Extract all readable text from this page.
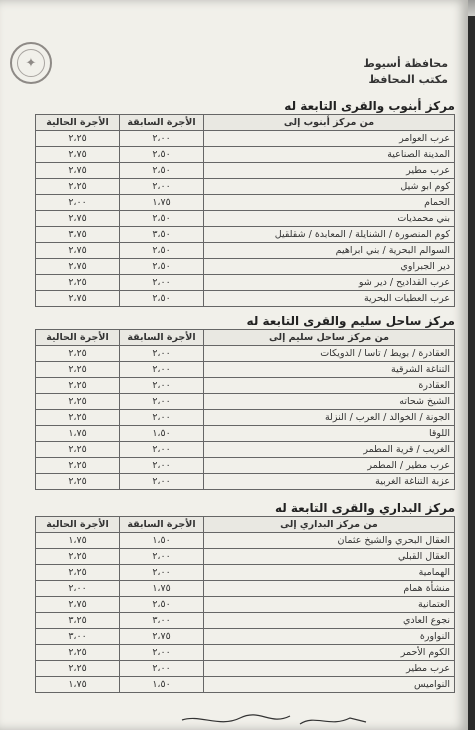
✦	محافظة أسيوط
مكتب المحافظ
مركز أبنوب والقرى التابعة له
من مركز أبنوب إلى	الأجرة السابقة	الأجرة الحالية
عرب العوامر	٢،٠٠	٢،٢٥
المدينة الصناعية	٢،٥٠	٢،٧٥
عرب مطير	٢،٥٠	٢،٧٥
كوم ابو شيل	٢،٠٠	٢،٢٥
الحمام	١،٧٥	٢،٠٠
بني محمديات	٢،٥٠	٢،٧٥
كوم المنصورة / الشنايلة / المعابدة / شقلقيل	٣،٥٠	٣،٧٥
السوالم البحرية / بني ابراهيم	٢،٥٠	٢،٧٥
دير الجبراوي	٢،٥٠	٢،٧٥
عرب القداديح / دير شو	٢،٠٠	٢،٢٥
عرب العطيات البحرية	٢،٥٠	٢،٧٥
مركز ساحل سليم والقرى التابعة له
من مركز ساحل سليم إلى	الأجرة السابقة	الأجرة الحالية
العقادرة / بويط / تاسا / الدويكات	٢،٠٠	٢،٢٥
التناغة الشرقية	٢،٠٠	٢،٢٥
العقادرة	٢،٠٠	٢،٢٥
الشيخ شحاته	٢،٠٠	٢،٢٥
الجونة / الخوالد / العرب / النزلة	٢،٠٠	٢،٢٥
اللوقا	١،٥٠	١،٧٥
الغريب / قرية المطمر	٢،٠٠	٢،٢٥
عرب مطير / المطمر	٢،٠٠	٢،٢٥
عزبة التناغة الغربية	٢،٠٠	٢،٢٥
مركز البداري والقرى التابعة له
من مركز البداري إلى	الأجرة السابقة	الأجرة الحالية
العقال البحري والشيخ عثمان	١،٥٠	١،٧٥
العقال القبلي	٢،٠٠	٢،٢٥
الهمامية	٢،٠٠	٢،٢٥
منشأة همام	١،٧٥	٢،٠٠
العتمانية	٢،٥٠	٢،٧٥
نجوع العادي	٣،٠٠	٣،٢٥
النواورة	٢،٧٥	٣،٠٠
الكوم الأحمر	٢،٠٠	٢،٢٥
عرب مطير	٢،٠٠	٢،٢٥
النواميس	١،٥٠	١،٧٥
